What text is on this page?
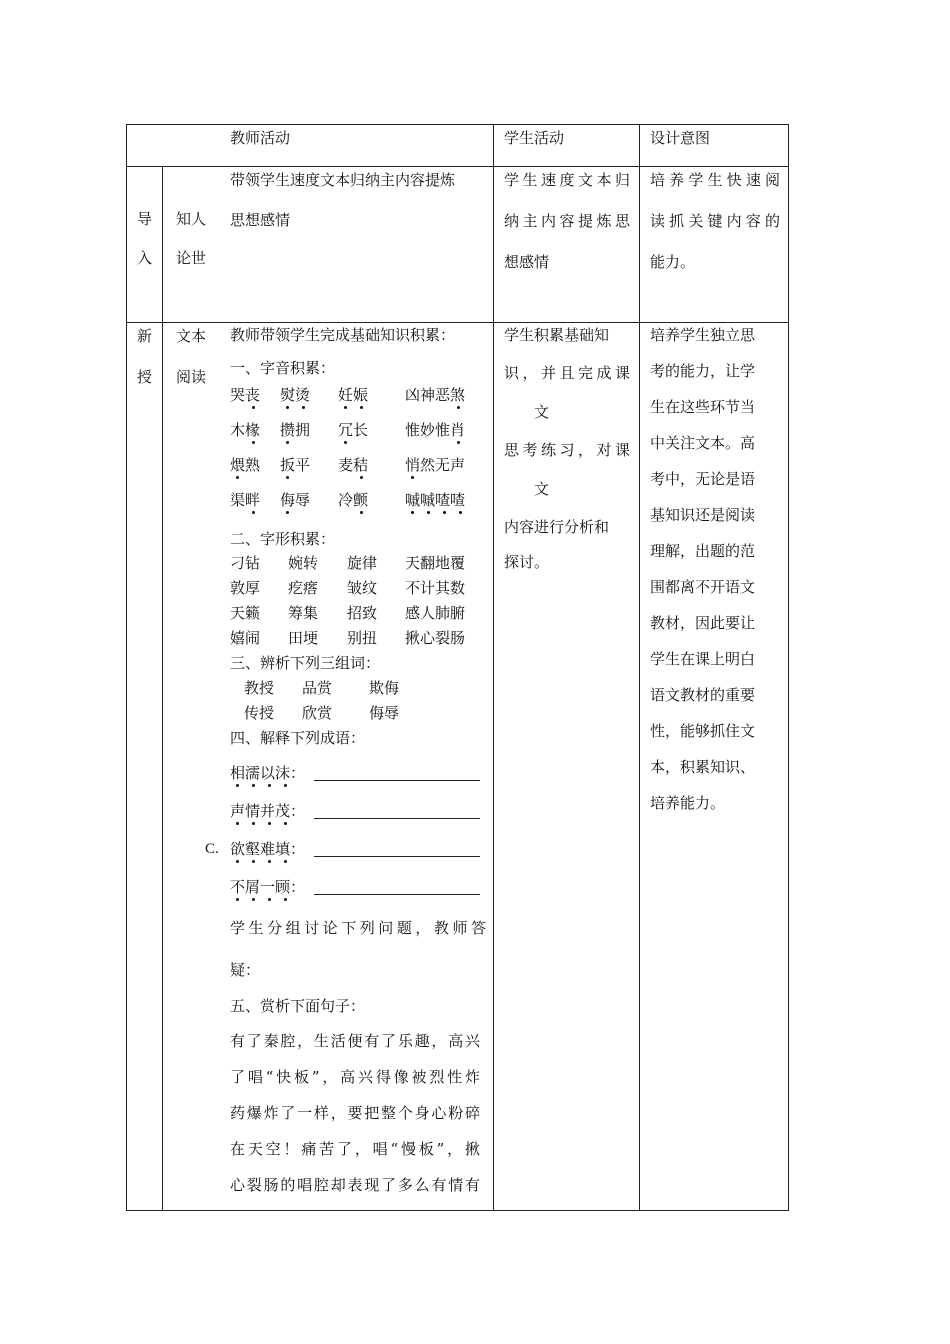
教师活动	学生活动	设计意图
导
入
知人
论世
带领学生速度文本归纳主内容提炼
思想感情
学生速度文本归
纳主内容提炼思
想感情
培养学生快速阅
读抓关键内容的
能力。
新
授
文本
阅读
教师带领学生完成基础知识积累：
一、字音积累：
哭丧 熨烫 妊娠 凶神恶煞
木椽 攒拥 冗长 惟妙惟肖
煨熟 扳平 麦秸 悄然无声
渠畔 侮辱 冷颤 嘁嘁喳喳
二、字形积累：
刁钻 婉转 旋律 天翻地覆
敦厚 疙瘩 皱纹 不计其数
天籁 筹集 招致 感人肺腑
嬉闹 田埂 别扭 揪心裂肠
三、辨析下列三组词：
教授 品赏 欺侮
传授 欣赏 侮辱
四、解释下列成语：
相濡以沫：
声情并茂：
C. 欲壑难填：
不屑一顾：
学生分组讨论下列问题，教师答
疑：
五、赏析下面句子：
有了秦腔，生活便有了乐趣，高兴
了唱“快板”，高兴得像被烈性炸
药爆炸了一样，要把整个身心粉碎
在天空！痛苦了，唱“慢板”，揪
心裂肠的唱腔却表现了多么有情有
学生积累基础知
识，并且完成课
文
思考练习，对课
文
内容进行分析和
探讨。
培养学生独立思
考的能力，让学
生在这些环节当
中关注文本。高
考中，无论是语
基知识还是阅读
理解，出题的范
围都离不开语文
教材，因此要让
学生在课上明白
语文教材的重要
性，能够抓住文
本，积累知识、
培养能力。
